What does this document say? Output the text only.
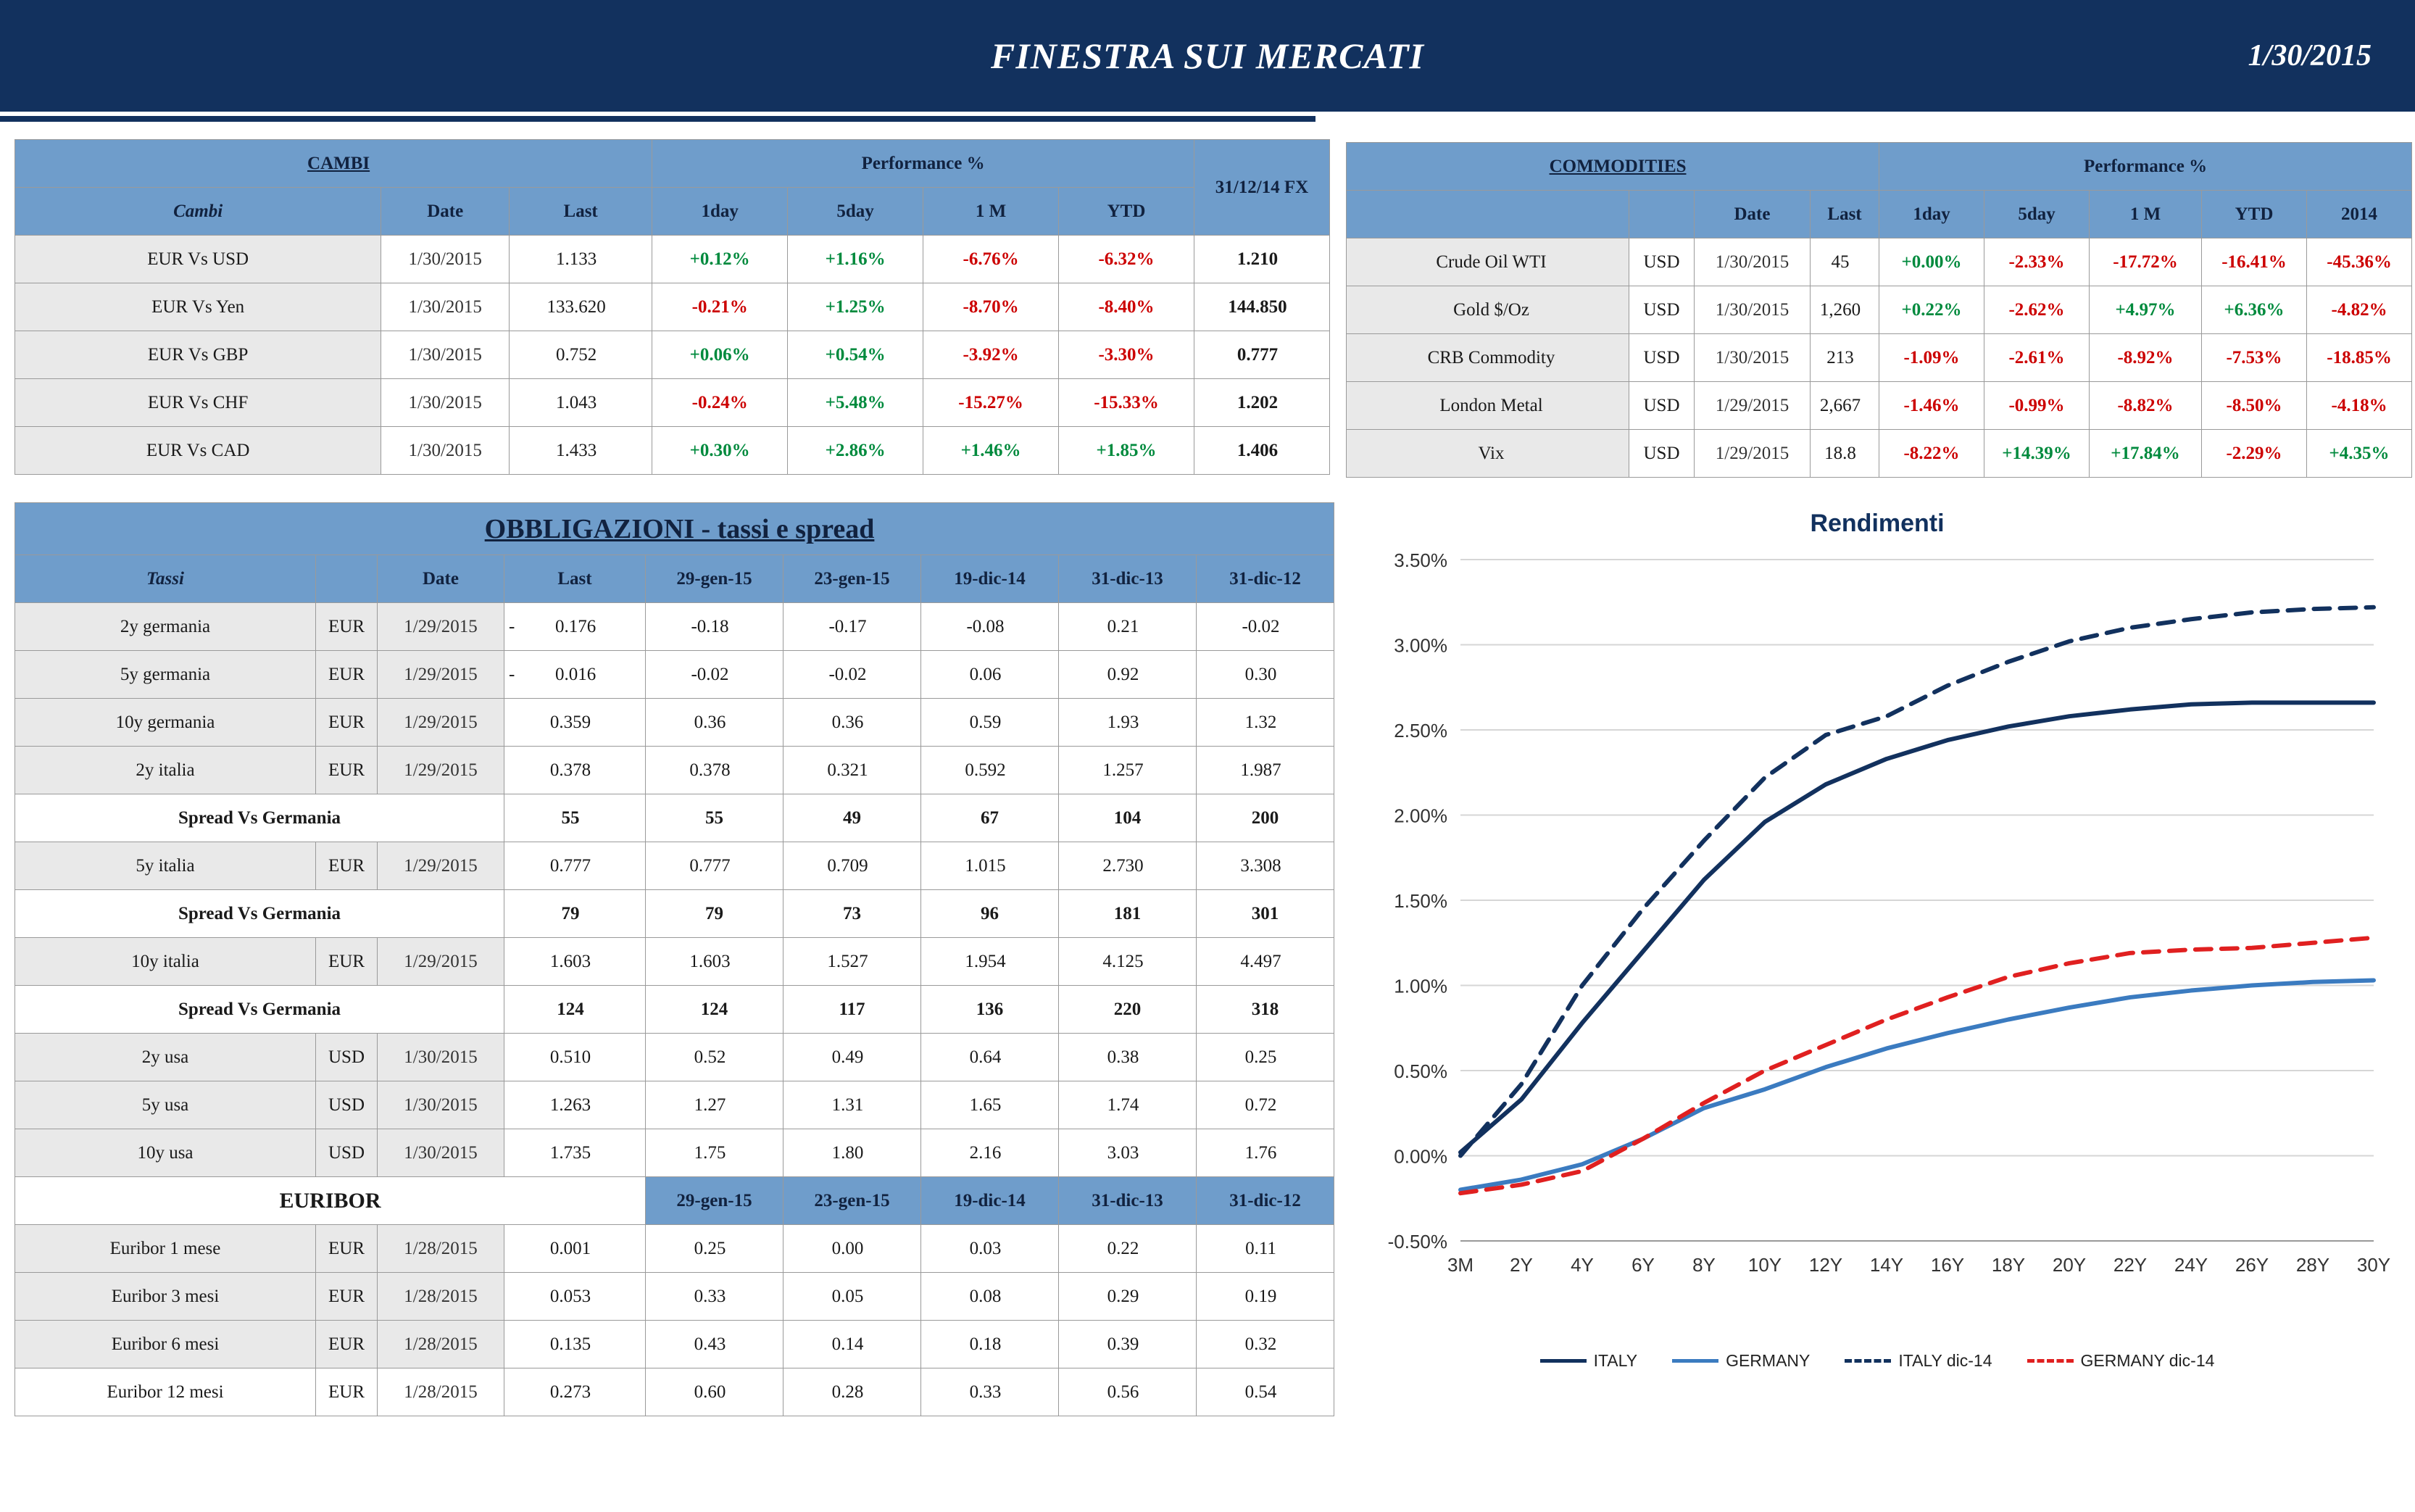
FINESTRA SUI MERCATI	1/30/2015
CAMBI			Performance %				31/12/14 FX
Cambi	Date	Last	1day	5day	1 M	YTD	
EUR Vs USD	1/30/2015	1.133	+0.12%	+1.16%	-6.76%	-6.32%	1.210
EUR Vs Yen	1/30/2015	133.620	-0.21%	+1.25%	-8.70%	-8.40%	144.850
EUR Vs GBP	1/30/2015	0.752	+0.06%	+0.54%	-3.92%	-3.30%	0.777
EUR Vs CHF	1/30/2015	1.043	-0.24%	+5.48%	-15.27%	-15.33%	1.202
EUR Vs CAD	1/30/2015	1.433	+0.30%	+2.86%	+1.46%	+1.85%	1.406
COMMODITIES				Performance %				
		Date	Last	1day	5day	1 M	YTD	2014
Crude Oil WTI	USD	1/30/2015	45	+0.00%	-2.33%	-17.72%	-16.41%	-45.36%
Gold $/Oz	USD	1/30/2015	1,260	+0.22%	-2.62%	+4.97%	+6.36%	-4.82%
CRB Commodity	USD	1/30/2015	213	-1.09%	-2.61%	-8.92%	-7.53%	-18.85%
London Metal	USD	1/29/2015	2,667	-1.46%	-0.99%	-8.82%	-8.50%	-4.18%
Vix	USD	1/29/2015	18.8	-8.22%	+14.39%	+17.84%	-2.29%	+4.35%
OBBLIGAZIONI - tassi e spread								
Tassi		Date	Last	29-gen-15	23-gen-15	19-dic-14	31-dic-13	31-dic-12
2y germania	EUR	1/29/2015	- 0.176	-0.18	-0.17	-0.08	0.21	-0.02
5y germania	EUR	1/29/2015	- 0.016	-0.02	-0.02	0.06	0.92	0.30
10y germania	EUR	1/29/2015	0.359	0.36	0.36	0.59	1.93	1.32
2y italia	EUR	1/29/2015	0.378	0.378	0.321	0.592	1.257	1.987
Spread Vs Germania			55	55	49	67	104	200
5y italia	EUR	1/29/2015	0.777	0.777	0.709	1.015	2.730	3.308
Spread Vs Germania			79	79	73	96	181	301
10y italia	EUR	1/29/2015	1.603	1.603	1.527	1.954	4.125	4.497
Spread Vs Germania			124	124	117	136	220	318
2y usa	USD	1/30/2015	0.510	0.52	0.49	0.64	0.38	0.25
5y usa	USD	1/30/2015	1.263	1.27	1.31	1.65	1.74	0.72
10y usa	USD	1/30/2015	1.735	1.75	1.80	2.16	3.03	1.76
EURIBOR				29-gen-15	23-gen-15	19-dic-14	31-dic-13	31-dic-12
Euribor 1 mese	EUR	1/28/2015	0.001	0.25	0.00	0.03	0.22	0.11
Euribor 3 mesi	EUR	1/28/2015	0.053	0.33	0.05	0.08	0.29	0.19
Euribor 6 mesi	EUR	1/28/2015	0.135	0.43	0.14	0.18	0.39	0.32
Euribor 12 mesi	EUR	1/28/2015	0.273	0.60	0.28	0.33	0.56	0.54
Rendimenti
-0.50%
0.00%
0.50%
1.00%
1.50%
2.00%
2.50%
3.00%
3.50%
3M 2Y 4Y 6Y 8Y 10Y 12Y 14Y 16Y 18Y 20Y 22Y 24Y 26Y 28Y 30Y
ITALY	GERMANY	ITALY dic-14	GERMANY dic-14
